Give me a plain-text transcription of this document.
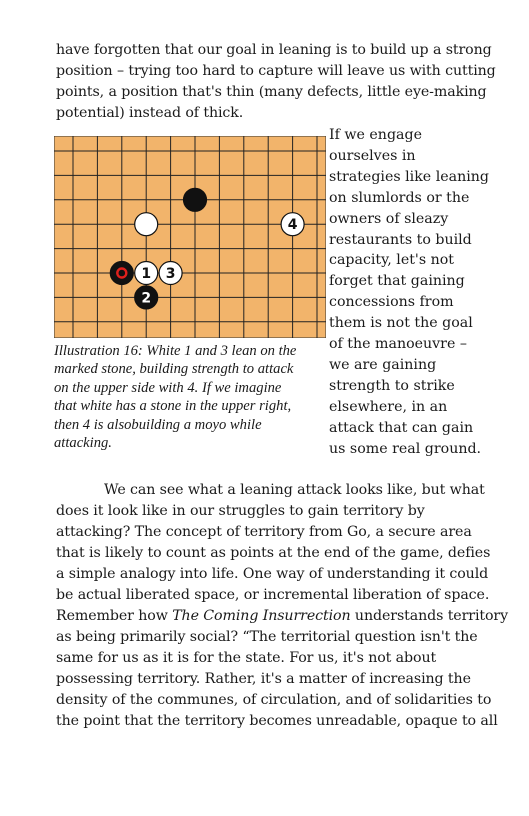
have forgotten that our goal in leaning is to build up a strong
position – trying too hard to capture will leave us with cutting
points, a position that's thin (many defects, little eye-making
potential) instead of thick.
4
1 3
2
Illustration 16: White 1 and 3 lean on the
marked stone, building strength to attack
on the upper side with 4. If we imagine
that white has a stone in the upper right,
then 4 is alsobuilding a moyo while
attacking.
If we engage
ourselves in
strategies like leaning
on slumlords or the
owners of sleazy
restaurants to build
capacity, let's not
forget that gaining
concessions from
them is not the goal
of the manoeuvre –
we are gaining
strength to strike
elsewhere, in an
attack that can gain
us some real ground.
We can see what a leaning attack looks like, but what
does it look like in our struggles to gain territory by
attacking? The concept of territory from Go, a secure area
that is likely to count as points at the end of the game, defies
a simple analogy into life. One way of understanding it could
be actual liberated space, or incremental liberation of space.
Remember how The Coming Insurrection understands territory
as being primarily social? “The territorial question isn't the
same for us as it is for the state. For us, it's not about
possessing territory. Rather, it's a matter of increasing the
density of the communes, of circulation, and of solidarities to
the point that the territory becomes unreadable, opaque to all
